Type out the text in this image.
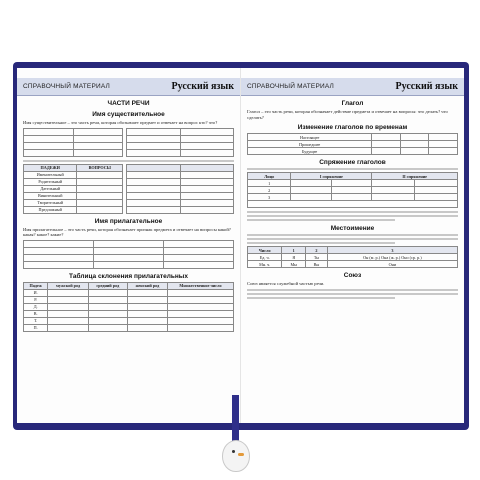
СПРАВОЧНЫЙ МАТЕРИАЛ	Русский язык
ЧАСТИ РЕЧИ
Имя существительное
Имя существительное – это часть речи, которая обозначает предмет и отвечает на вопрос кто? что?

ПАДЕЖИ	ВОПРОСЫ
Именительный	
Родительный	
Дательный	
Винительный	
Творительный	
Предложный	

Имя прилагательное
Имя прилагательное – это часть речи, которая обозначает признак предмета и отвечает на вопросы какой? какая? какое? какие?

Таблица склонения прилагательных
Падеж	мужской род	средний род	женский род	Множественное число
И.				
Р.				
Д.				
В.				
Т.				
П.				
СПРАВОЧНЫЙ МАТЕРИАЛ	Русский язык
Глагол
Глагол – это часть речи, которая обозначает действие предмета и отвечает на вопросы: что делать? что сделать?
Изменение глаголов по временам
Настоящее			
Прошедшее			
Будущее			
Спряжение глаголов
Лицо	I спряжение		II спряжение	
1				
2				
3				

Местоимение
Число	1	2	3
Ед. ч.	Я	Ты	Он (м. р.) Она (ж. р.) Оно (ср. р.)
Мн. ч.	Мы	Вы	Они
Союз
Союз является служебной частью речи.
